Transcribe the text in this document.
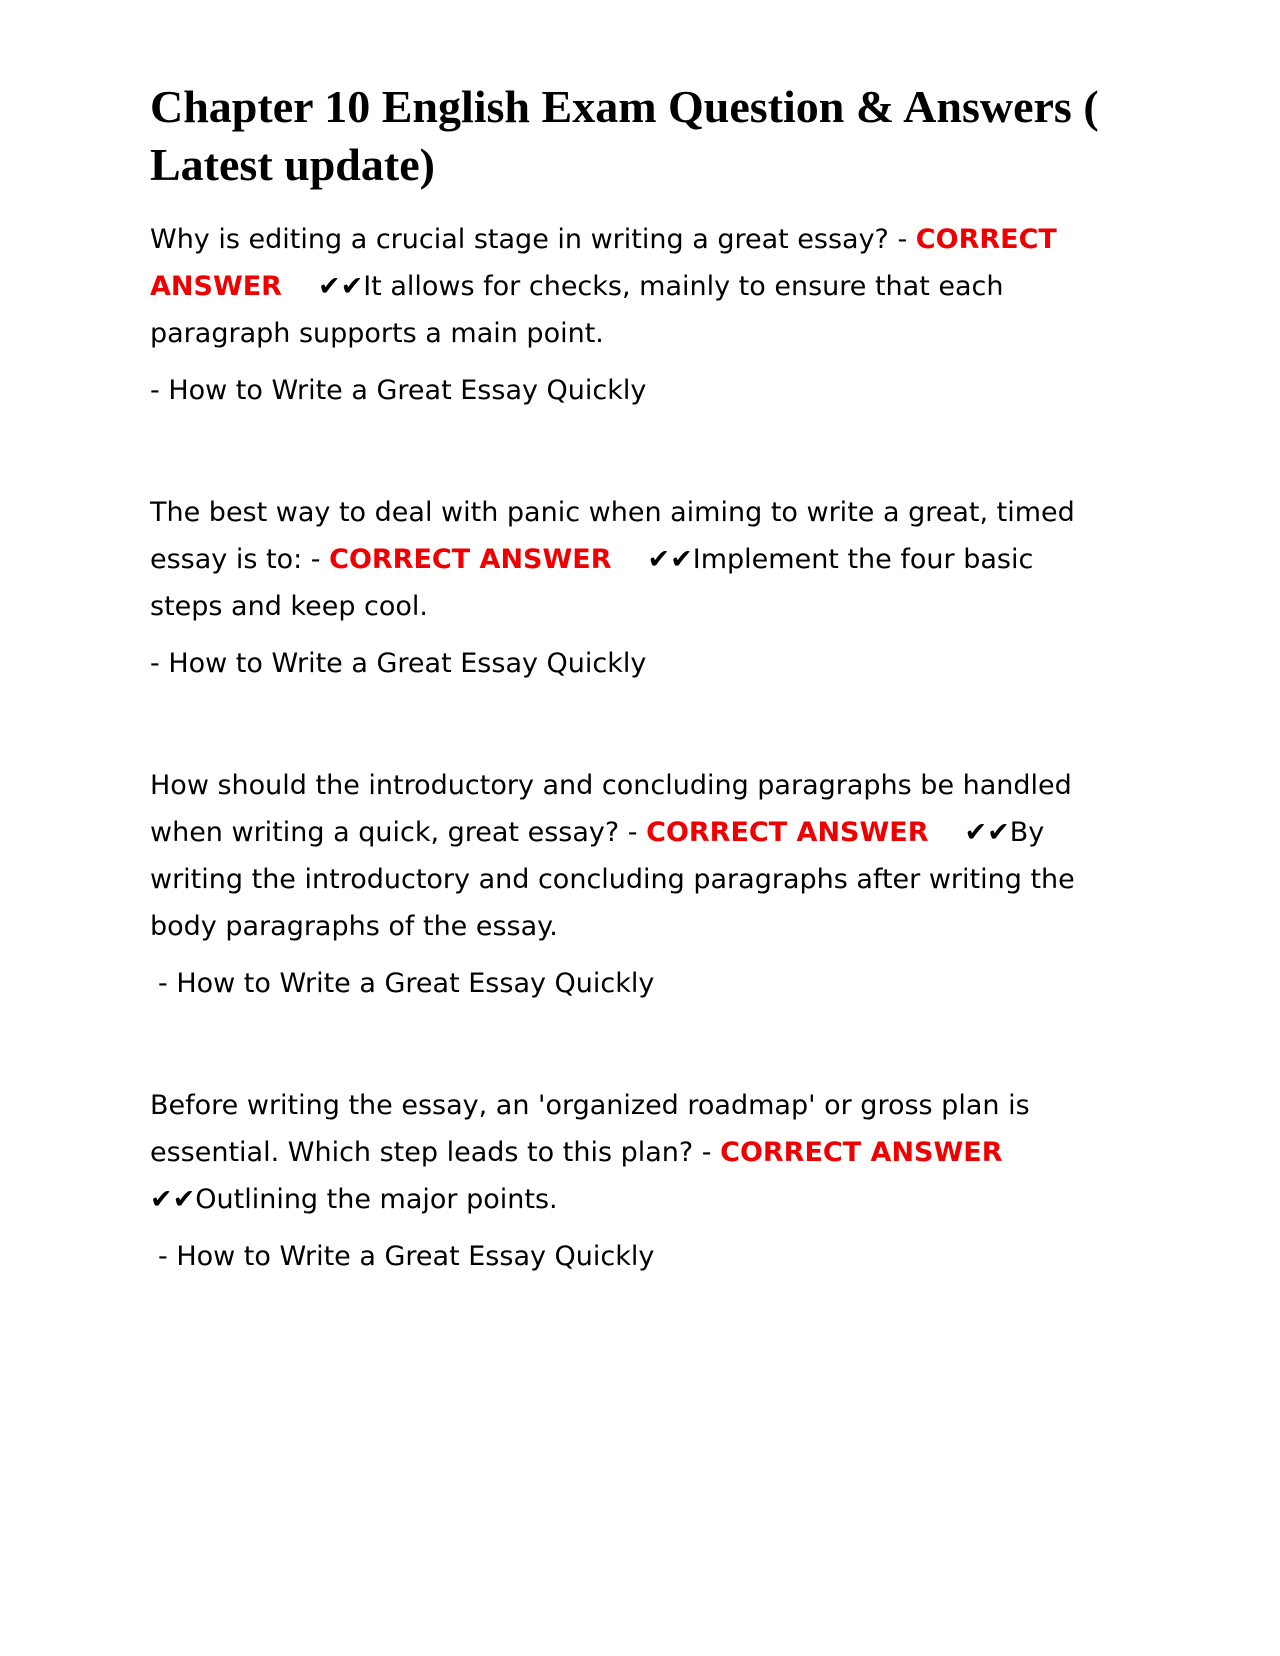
Chapter 10 English Exam Question & Answers ( Latest update)

Why is editing a crucial stage in writing a great essay? - CORRECT ANSWER ✔✔It allows for checks, mainly to ensure that each paragraph supports a main point.

- How to Write a Great Essay Quickly

The best way to deal with panic when aiming to write a great, timed essay is to: - CORRECT ANSWER ✔✔Implement the four basic steps and keep cool.

- How to Write a Great Essay Quickly

How should the introductory and concluding paragraphs be handled when writing a quick, great essay? - CORRECT ANSWER ✔✔By writing the introductory and concluding paragraphs after writing the body paragraphs of the essay.

- How to Write a Great Essay Quickly

Before writing the essay, an 'organized roadmap' or gross plan is essential. Which step leads to this plan? - CORRECT ANSWER
✔✔Outlining the major points.

- How to Write a Great Essay Quickly
